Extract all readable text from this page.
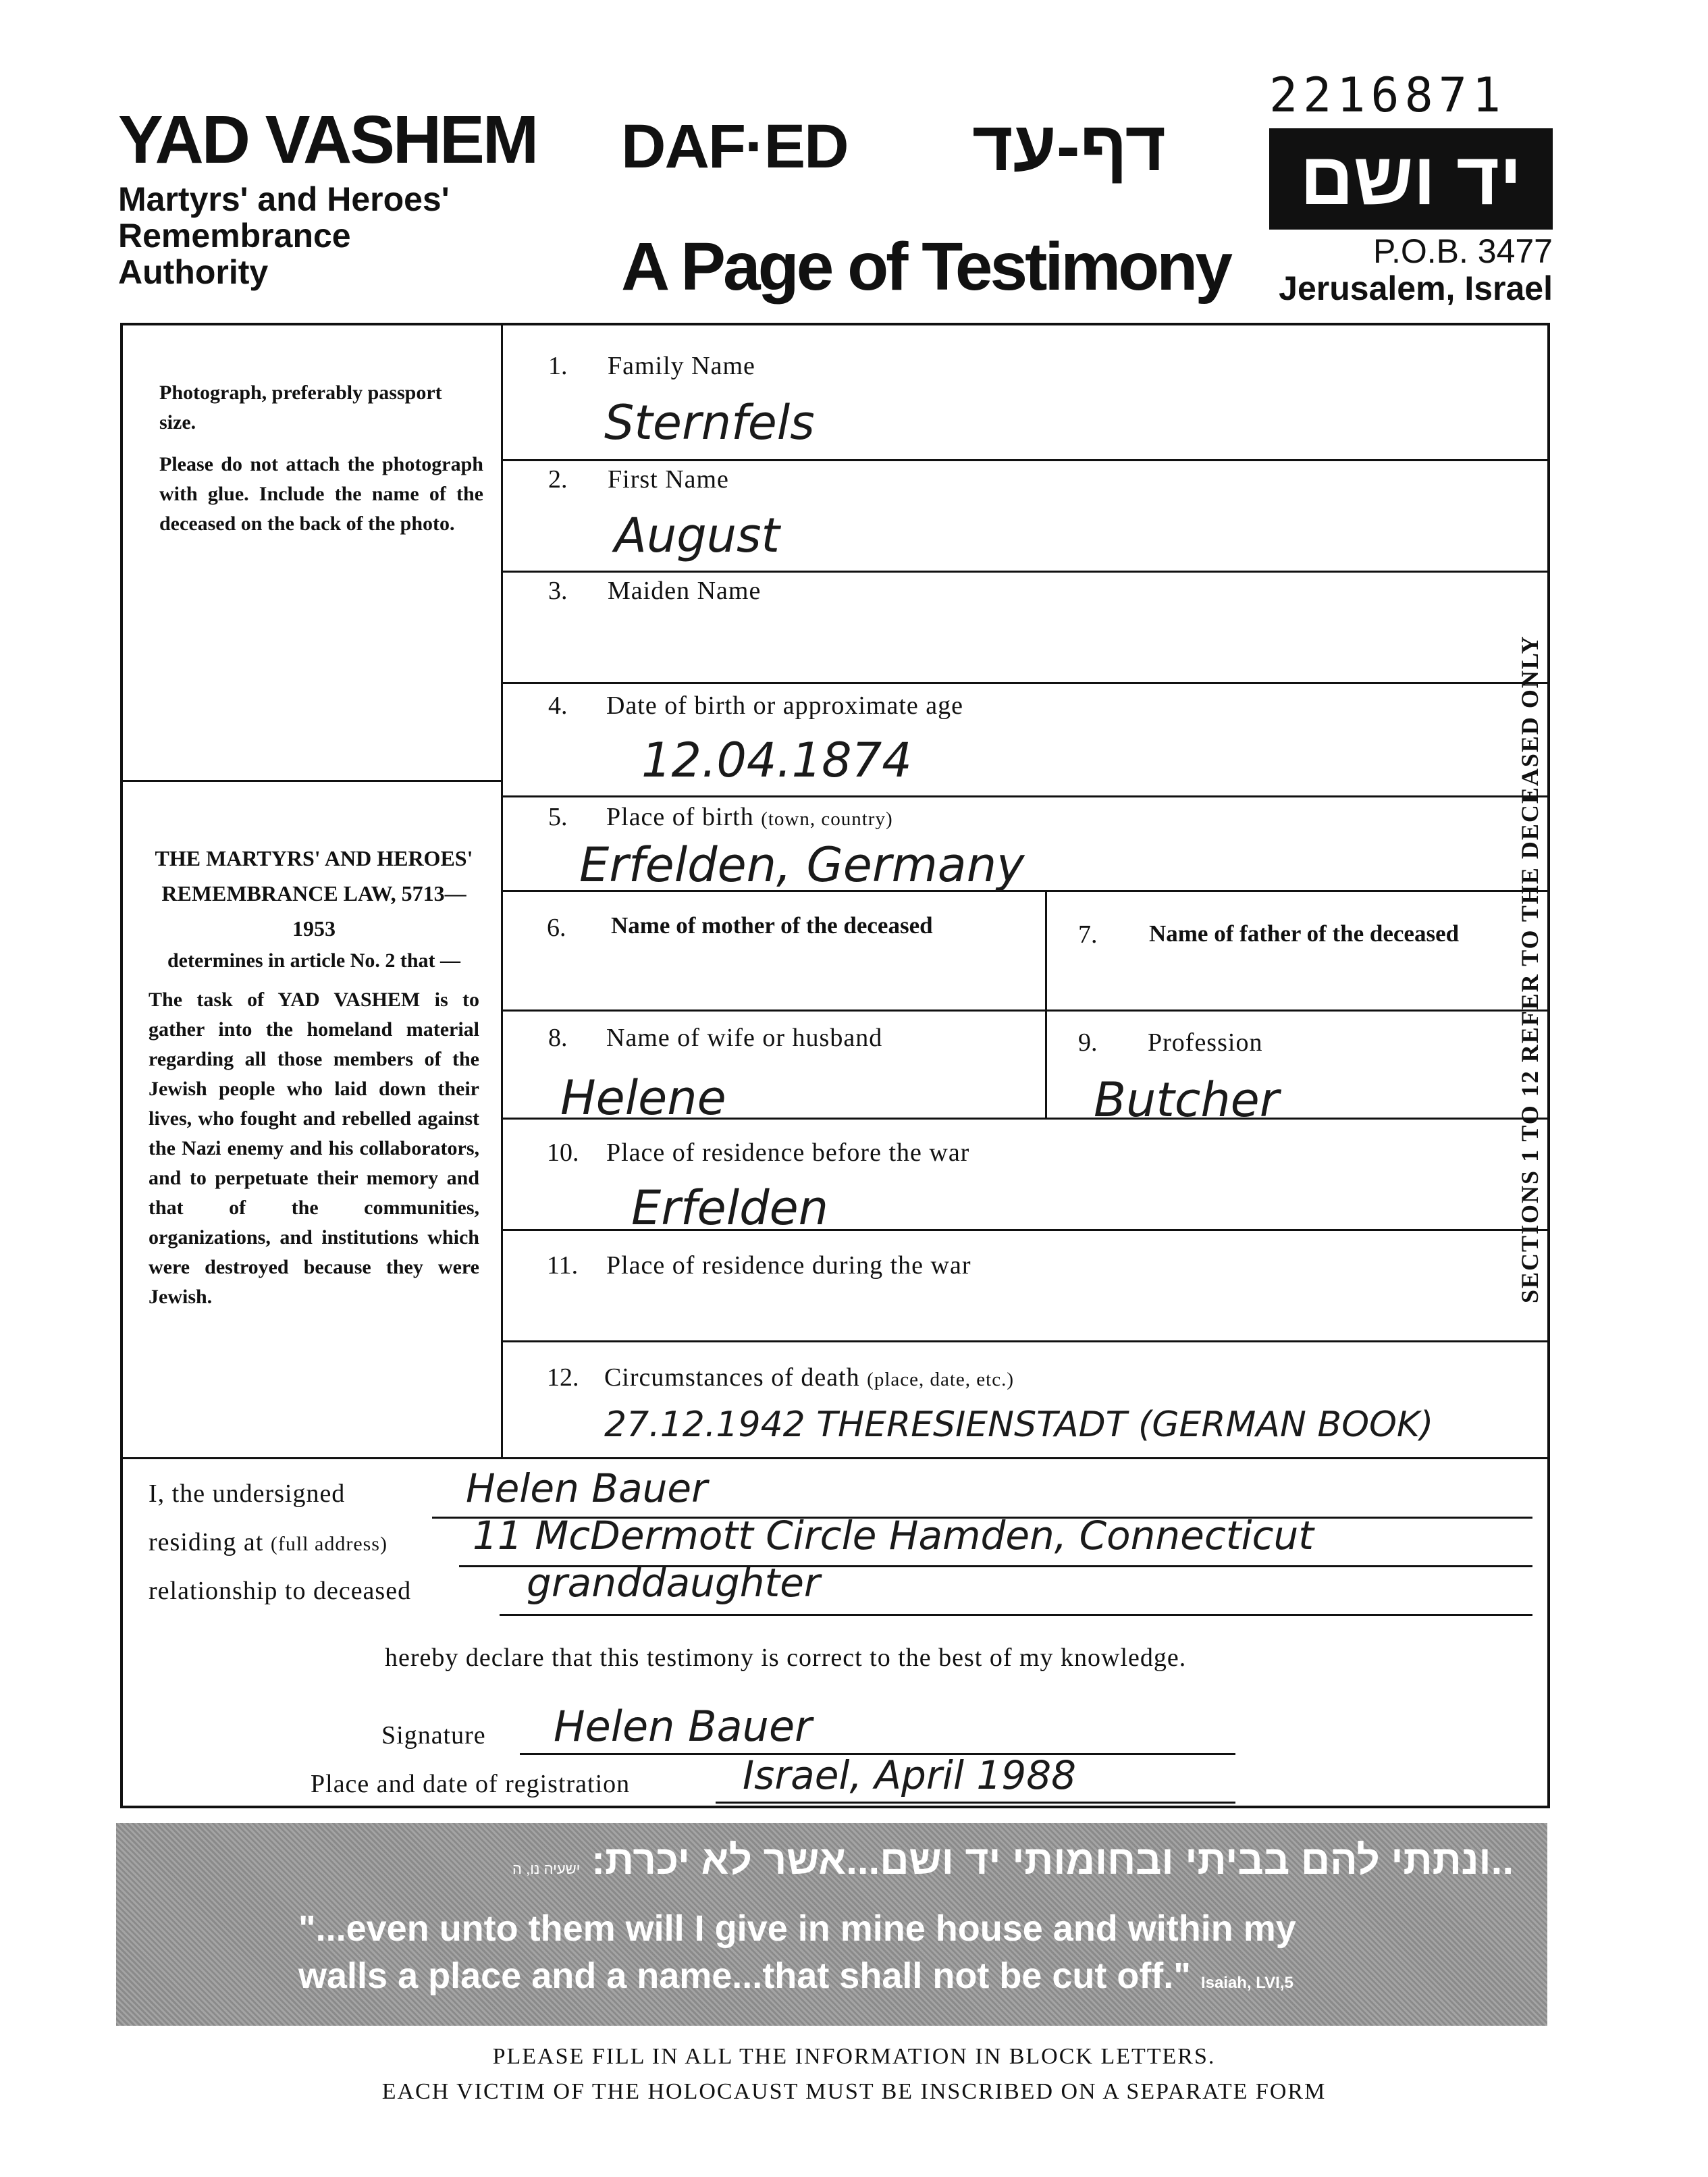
2216871
YAD VASHEM
Martyrs' and Heroes'
Remembrance
Authority
DAF·ED דף-עד
A Page of Testimony
יד ושם
P.O.B. 3477
Jerusalem, Israel
Photograph, preferably passport size.
Please do not attach the photograph with glue. Include the name of the deceased on the back of the photo.
THE MARTYRS' AND HEROES' REMEMBRANCE LAW, 5713—1953
determines in article No. 2 that —
The task of YAD VASHEM is to gather into the homeland material regarding all those members of the Jewish people who laid down their lives, who fought and rebelled against the Nazi enemy and his collaborators, and to perpetuate their memory and that of the communities, organizations, and institutions which were destroyed because they were Jewish.
1. Family Name
Sternfels
2. First Name
August
3. Maiden Name
4. Date of birth or approximate age
12.04.1874
5. Place of birth (town, country)
Erfelden, Germany
6. Name of mother of the deceased	7. Name of father of the deceased
8. Name of wife or husband
Helene
9. Profession
Butcher
10. Place of residence before the war
Erfelden
11. Place of residence during the war
12. Circumstances of death (place, date, etc.)
27.12.1942 THERESIENSTADT (GERMAN BOOK)
SECTIONS 1 TO 12 REFER TO THE DECEASED ONLY
I, the undersigned	Helen Bauer
residing at (full address) 11 McDermott Circle Hamden, Connecticut
relationship to deceased	granddaughter
hereby declare that this testimony is correct to the best of my knowledge.
Signature Helen Bauer
Place and date of registration	Israel, April 1988
..ונתתי להם בביתי ובחומותי יד ושם...אשר לא יכרת: ישעיה נו, ה
"...even unto them will I give in mine house and within my
walls a place and a name...that shall not be cut off." Isaiah, LVI,5
PLEASE FILL IN ALL THE INFORMATION IN BLOCK LETTERS.
EACH VICTIM OF THE HOLOCAUST MUST BE INSCRIBED ON A SEPARATE FORM
